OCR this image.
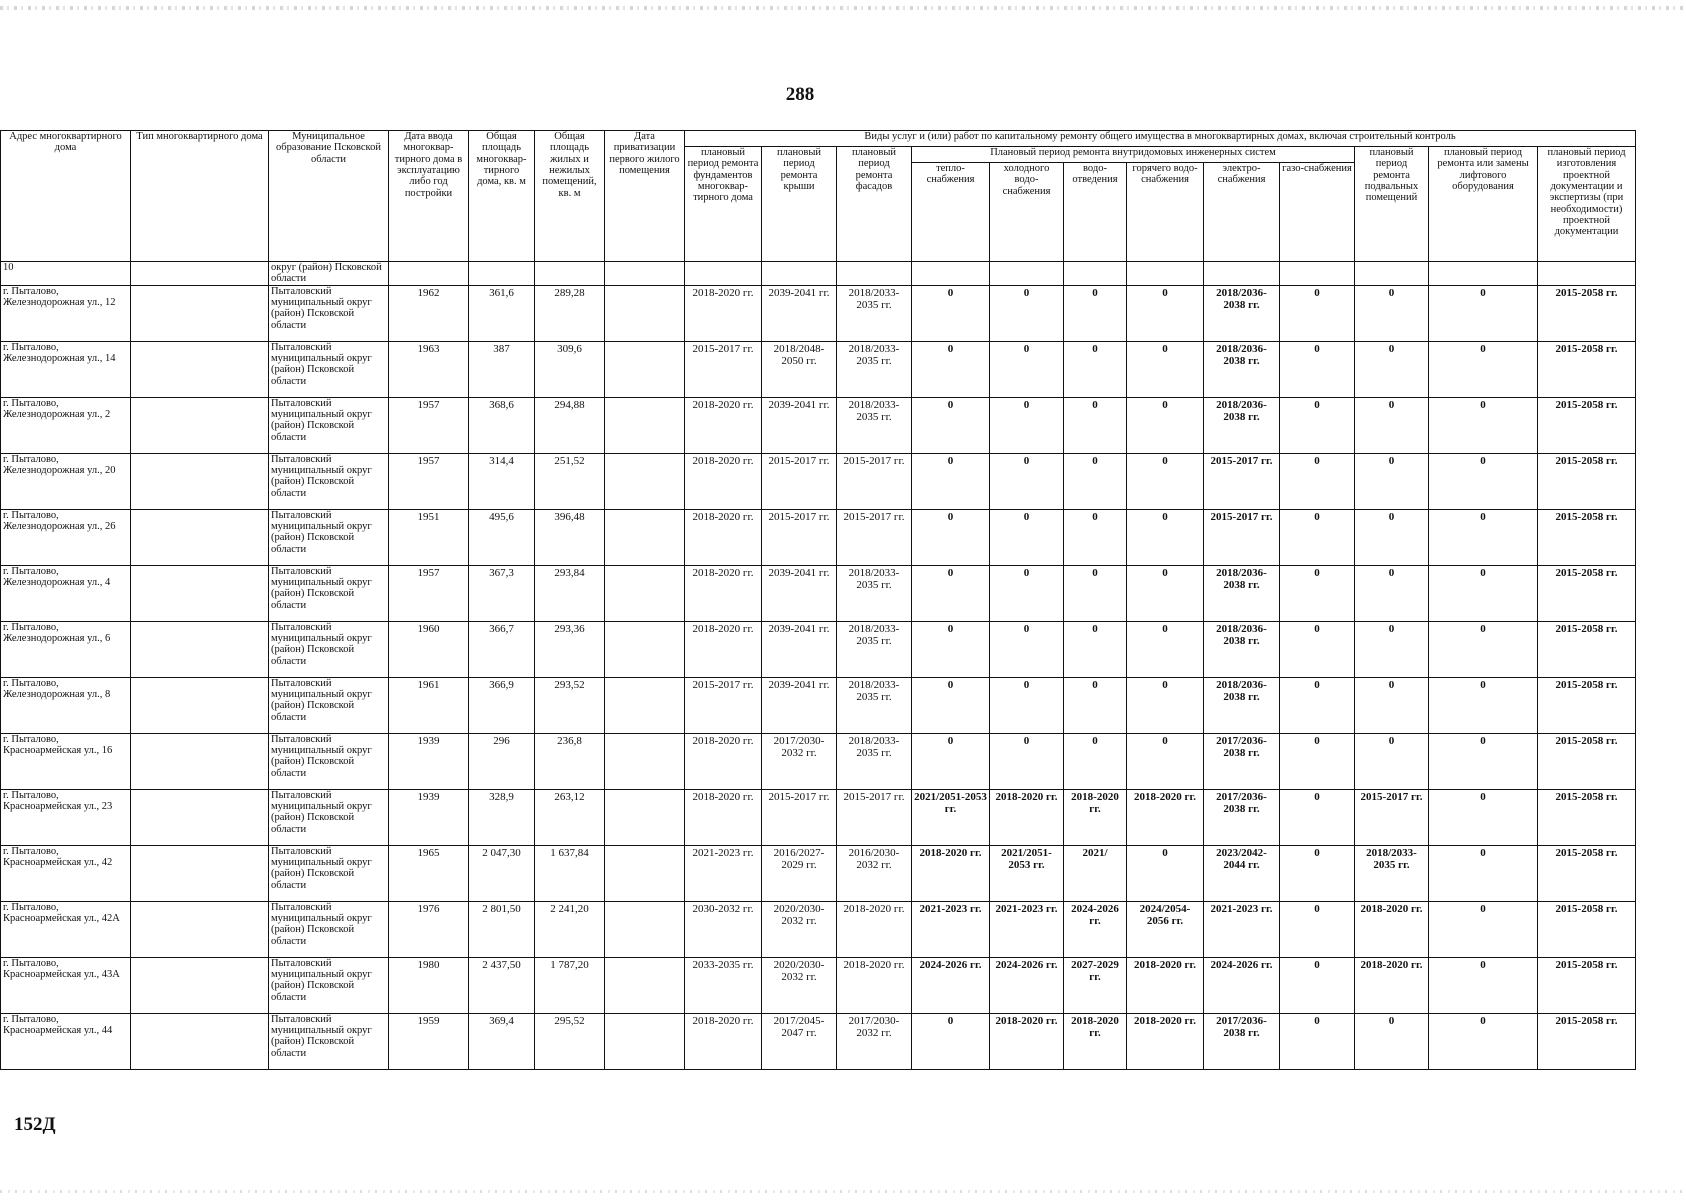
288
Адрес многоквартирного дома	Тип многоквартирного дома	Муниципальное образование Псковской области	Дата ввода многоквар-тирного дома в эксплуатацию либо год постройки	Общая площадь многоквар-тирного дома, кв. м	Общая площадь жилых и нежилых помещений, кв. м	Дата приватизации первого жилого помещения	Виды услуг и (или) работ по капитальному ремонту общего имущества в многоквартирных домах, включая строительный контроль											
							плановый период ремонта фундаментов многоквар-тирного дома	плановый период ремонта крыши	плановый период ремонта фасадов	Плановый период ремонта внутридомовых инженерных систем						плановый период ремонта подвальных помещений	плановый период ремонта или замены лифтового оборудования	плановый период изготовления проектной документации и экспертизы (при необходимости) проектной документации
										тепло-снабжения	холодного водо-снабжения	водо-отведения	горячего водо-снабжения	электро-снабжения	газо-снабжения			
10		округ (район) Псковской области																
г. Пыталово, Железнодорожная ул., 12		Пыталовский муниципальный округ (район) Псковской области	1962	361,6	289,28		2018-2020 гг.	2039-2041 гг.	2018/2033-2035 гг.	0	0	0	0	2018/2036-2038 гг.	0	0	0	2015-2058 гг.
г. Пыталово, Железнодорожная ул., 14		Пыталовский муниципальный округ (район) Псковской области	1963	387	309,6		2015-2017 гг.	2018/2048-2050 гг.	2018/2033-2035 гг.	0	0	0	0	2018/2036-2038 гг.	0	0	0	2015-2058 гг.
г. Пыталово, Железнодорожная ул., 2		Пыталовский муниципальный округ (район) Псковской области	1957	368,6	294,88		2018-2020 гг.	2039-2041 гг.	2018/2033-2035 гг.	0	0	0	0	2018/2036-2038 гг.	0	0	0	2015-2058 гг.
г. Пыталово, Железнодорожная ул., 20		Пыталовский муниципальный округ (район) Псковской области	1957	314,4	251,52		2018-2020 гг.	2015-2017 гг.	2015-2017 гг.	0	0	0	0	2015-2017 гг.	0	0	0	2015-2058 гг.
г. Пыталово, Железнодорожная ул., 26		Пыталовский муниципальный округ (район) Псковской области	1951	495,6	396,48		2018-2020 гг.	2015-2017 гг.	2015-2017 гг.	0	0	0	0	2015-2017 гг.	0	0	0	2015-2058 гг.
г. Пыталово, Железнодорожная ул., 4		Пыталовский муниципальный округ (район) Псковской области	1957	367,3	293,84		2018-2020 гг.	2039-2041 гг.	2018/2033-2035 гг.	0	0	0	0	2018/2036-2038 гг.	0	0	0	2015-2058 гг.
г. Пыталово, Железнодорожная ул., 6		Пыталовский муниципальный округ (район) Псковской области	1960	366,7	293,36		2018-2020 гг.	2039-2041 гг.	2018/2033-2035 гг.	0	0	0	0	2018/2036-2038 гг.	0	0	0	2015-2058 гг.
г. Пыталово, Железнодорожная ул., 8		Пыталовский муниципальный округ (район) Псковской области	1961	366,9	293,52		2015-2017 гг.	2039-2041 гг.	2018/2033-2035 гг.	0	0	0	0	2018/2036-2038 гг.	0	0	0	2015-2058 гг.
г. Пыталово, Красноармейская ул., 16		Пыталовский муниципальный округ (район) Псковской области	1939	296	236,8		2018-2020 гг.	2017/2030-2032 гг.	2018/2033-2035 гг.	0	0	0	0	2017/2036-2038 гг.	0	0	0	2015-2058 гг.
г. Пыталово, Красноармейская ул., 23		Пыталовский муниципальный округ (район) Псковской области	1939	328,9	263,12		2018-2020 гг.	2015-2017 гг.	2015-2017 гг.	2021/2051-2053 гг.	2018-2020 гг.	2018-2020 гг.	2018-2020 гг.	2017/2036-2038 гг.	0	2015-2017 гг.	0	2015-2058 гг.
г. Пыталово, Красноармейская ул., 42		Пыталовский муниципальный округ (район) Псковской области	1965	2 047,30	1 637,84		2021-2023 гг.	2016/2027-2029 гг.	2016/2030-2032 гг.	2018-2020 гг.	2021/2051-2053 гг.	2021/	0	2023/2042-2044 гг.	0	2018/2033-2035 гг.	0	2015-2058 гг.
г. Пыталово, Красноармейская ул., 42А		Пыталовский муниципальный округ (район) Псковской области	1976	2 801,50	2 241,20		2030-2032 гг.	2020/2030-2032 гг.	2018-2020 гг.	2021-2023 гг.	2021-2023 гг.	2024-2026 гг.	2024/2054-2056 гг.	2021-2023 гг.	0	2018-2020 гг.	0	2015-2058 гг.
г. Пыталово, Красноармейская ул., 43А		Пыталовский муниципальный округ (район) Псковской области	1980	2 437,50	1 787,20		2033-2035 гг.	2020/2030-2032 гг.	2018-2020 гг.	2024-2026 гг.	2024-2026 гг.	2027-2029 гг.	2018-2020 гг.	2024-2026 гг.	0	2018-2020 гг.	0	2015-2058 гг.
г. Пыталово, Красноармейская ул., 44		Пыталовский муниципальный округ (район) Псковской области	1959	369,4	295,52		2018-2020 гг.	2017/2045-2047 гг.	2017/2030-2032 гг.	0	2018-2020 гг.	2018-2020 гг.	2018-2020 гг.	2017/2036-2038 гг.	0	0	0	2015-2058 гг.
152Д
